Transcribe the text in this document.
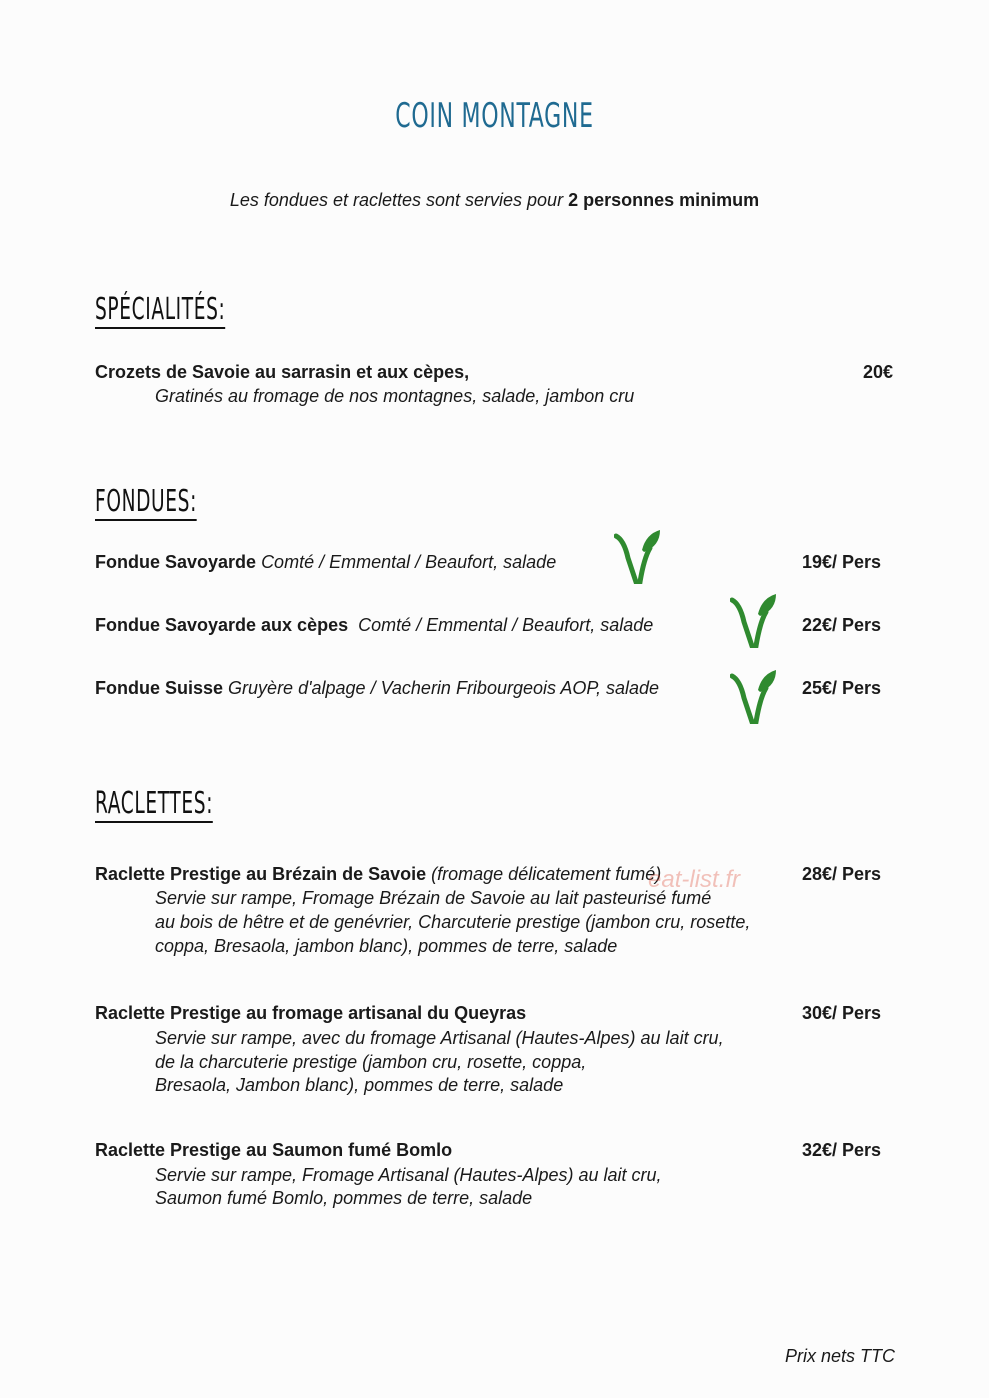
COIN MONTAGNE
Les fondues et raclettes sont servies pour 2 personnes minimum
SPÉCIALITÉS:
Crozets de Savoie au sarrasin et aux cèpes,	20€
Gratinés au fromage de nos montagnes, salade, jambon cru
FONDUES:
Fondue Savoyarde Comté / Emmental / Beaufort, salade	19€/ Pers
Fondue Savoyarde aux cèpes Comté / Emmental / Beaufort, salade	22€/ Pers
Fondue Suisse Gruyère d'alpage / Vacherin Fribourgeois AOP, salade	25€/ Pers
RACLETTES:
Raclette Prestige au Brézain de Savoie (fromage délicatement fumé)	28€/ Pers
Servie sur rampe, Fromage Brézain de Savoie au lait pasteurisé fumé
au bois de hêtre et de genévrier, Charcuterie prestige (jambon cru, rosette,
coppa, Bresaola, jambon blanc), pommes de terre, salade
Raclette Prestige au fromage artisanal du Queyras	30€/ Pers
Servie sur rampe, avec du fromage Artisanal (Hautes-Alpes) au lait cru,
de la charcuterie prestige (jambon cru, rosette, coppa,
Bresaola, Jambon blanc), pommes de terre, salade
Raclette Prestige au Saumon fumé Bomlo	32€/ Pers
Servie sur rampe, Fromage Artisanal (Hautes-Alpes) au lait cru,
Saumon fumé Bomlo, pommes de terre, salade
eat-list.fr
Prix nets TTC
